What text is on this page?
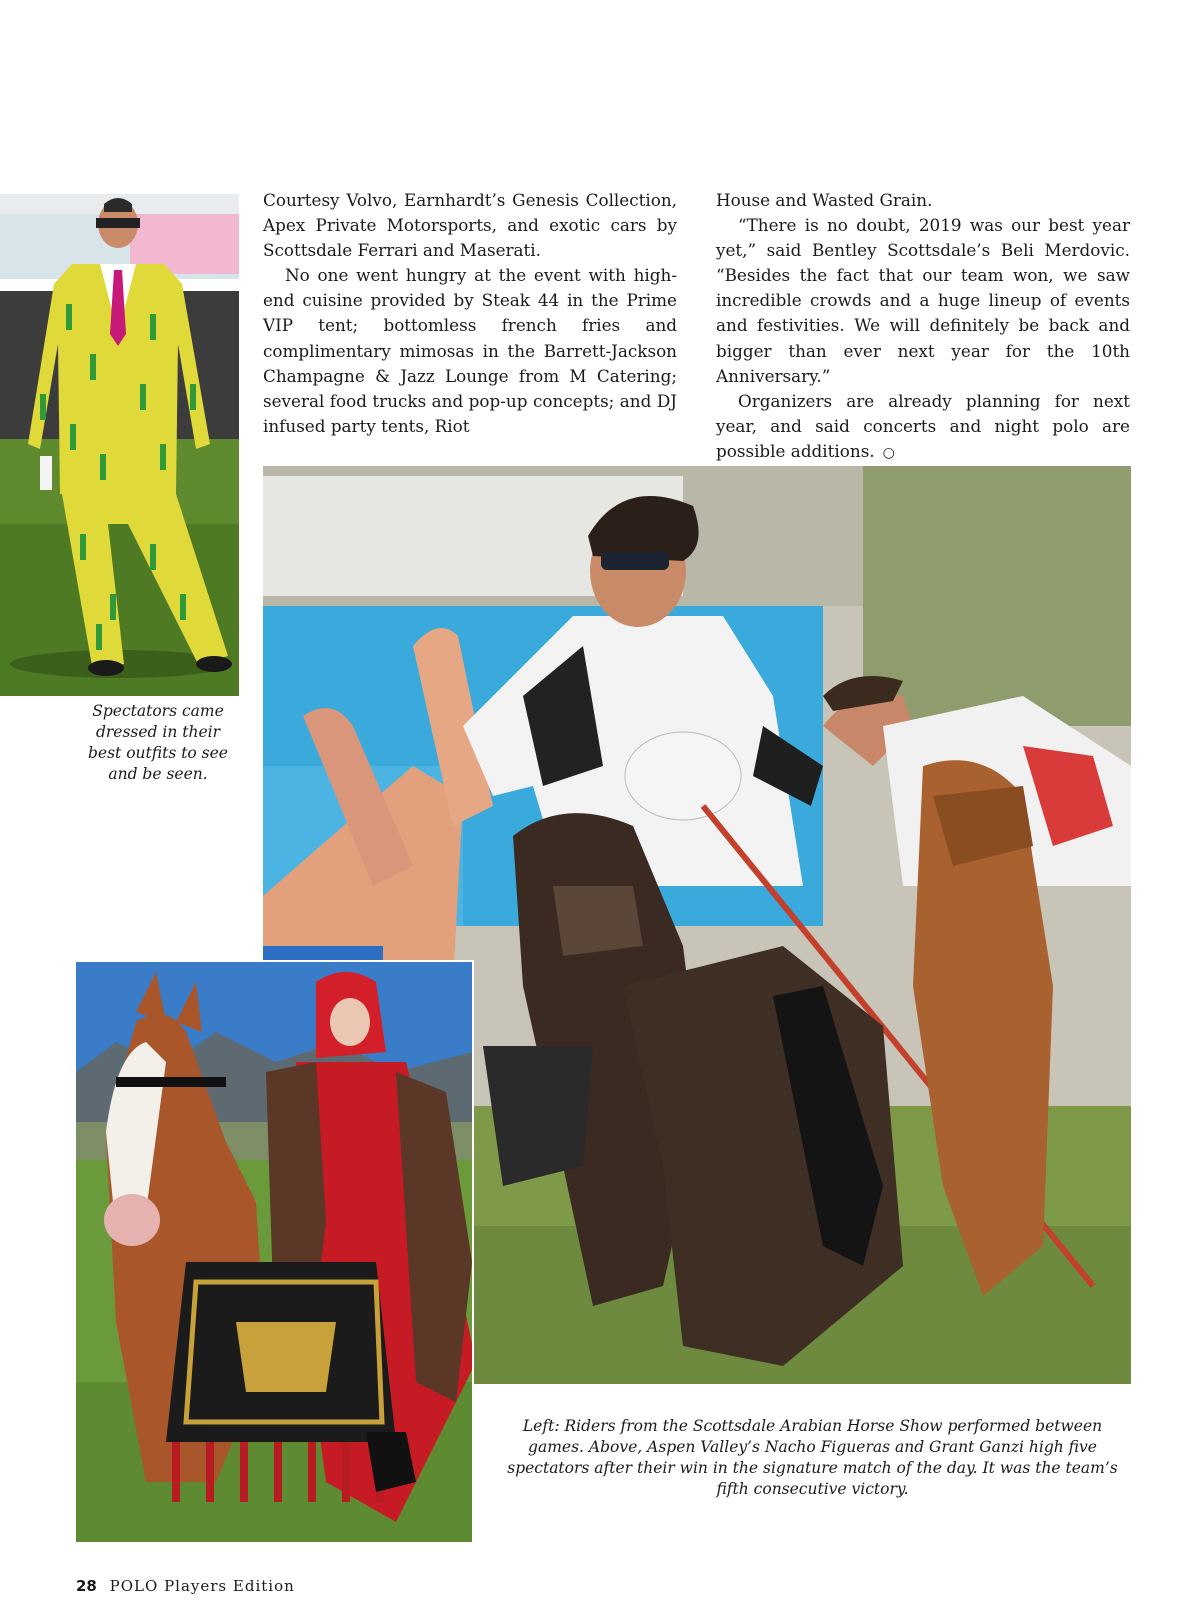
Courtesy Volvo, Earnhardt’s Genesis Collection, Apex Private Motorsports, and exotic cars by Scottsdale Ferrari and Maserati.

No one went hungry at the event with high-end cuisine provided by Steak 44 in the Prime VIP tent; bottomless french fries and complimentary mimosas in the Barrett-Jackson Champagne & Jazz Lounge from M Catering; several food trucks and pop-up concepts; and DJ infused party tents, Riot

House and Wasted Grain.

“There is no doubt, 2019 was our best year yet,” said Bentley Scottsdale’s Beli Merdovic. “Besides the fact that our team won, we saw incredible crowds and a huge lineup of events and festivities. We will definitely be back and bigger than ever next year for the 10th Anniversary.”

Organizers are already planning for next year, and said concerts and night polo are possible additions. ○

Spectators came dressed in their best outfits to see and be seen.
Left: Riders from the Scottsdale Arabian Horse Show performed between games. Above, Aspen Valley’s Nacho Figueras and Grant Ganzi high five spectators after their win in the signature match of the day. It was the team’s fifth consecutive victory.
28 POLO Players Edition
